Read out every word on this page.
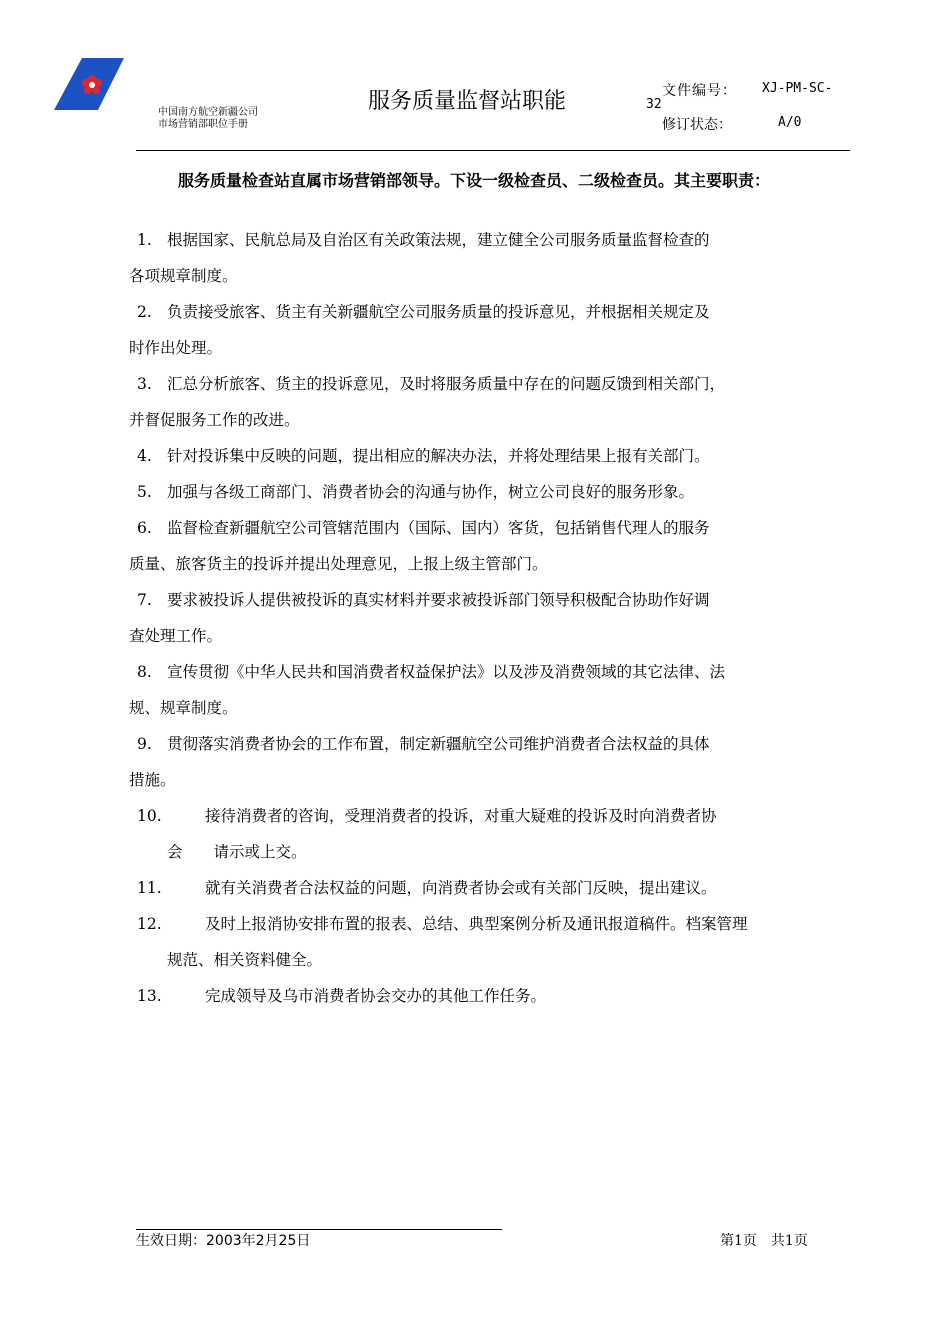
中国南方航空新疆公司
市场营销部职位手册
服务质量监督站职能	文件编号： XJ-PM-SC-
32
修订状态：	A/0
服务质量检查站直属市场营销部领导。下设一级检查员、二级检查员。其主要职责：
1. 根据国家、民航总局及自治区有关政策法规，建立健全公司服务质量监督检查的
各项规章制度。
2. 负责接受旅客、货主有关新疆航空公司服务质量的投诉意见，并根据相关规定及
时作出处理。
3. 汇总分析旅客、货主的投诉意见，及时将服务质量中存在的问题反馈到相关部门，
并督促服务工作的改进。
4. 针对投诉集中反映的问题，提出相应的解决办法，并将处理结果上报有关部门。
5. 加强与各级工商部门、消费者协会的沟通与协作，树立公司良好的服务形象。
6. 监督检查新疆航空公司管辖范围内（国际、国内）客货，包括销售代理人的服务
质量、旅客货主的投诉并提出处理意见，上报上级主管部门。
7. 要求被投诉人提供被投诉的真实材料并要求被投诉部门领导积极配合协助作好调
查处理工作。
8. 宣传贯彻《中华人民共和国消费者权益保护法》以及涉及消费领域的其它法律、法
规、规章制度。
9. 贯彻落实消费者协会的工作布置，制定新疆航空公司维护消费者合法权益的具体
措施。
10.	接待消费者的咨询，受理消费者的投诉，对重大疑难的投诉及时向消费者协
会　　请示或上交。
11.	就有关消费者合法权益的问题，向消费者协会或有关部门反映，提出建议。
12.	及时上报消协安排布置的报表、总结、典型案例分析及通讯报道稿件。档案管理
规范、相关资料健全。
13.	完成领导及乌市消费者协会交办的其他工作任务。
生效日期：2003年2月25日	第1页　共1页
